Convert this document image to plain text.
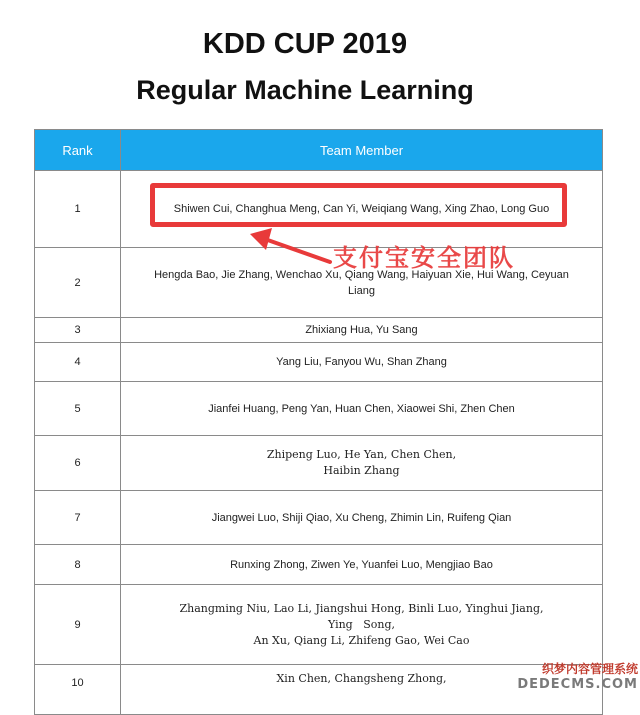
KDD CUP 2019
Regular Machine Learning
Rank	Team Member
1	Shiwen Cui, Changhua Meng, Can Yi, Weiqiang Wang, Xing Zhao, Long Guo

2	Hengda Bao, Jie Zhang, Wenchao Xu, Qiang Wang, Haiyuan Xie, Hui Wang, Ceyuan
Liang

3	Zhixiang Hua, Yu Sang

4	Yang Liu, Fanyou Wu, Shan Zhang

5	Jianfei Huang, Peng Yan, Huan Chen, Xiaowei Shi, Zhen Chen

6	Zhipeng Luo, He Yan, Chen Chen,
Haibin Zhang

7	Jiangwei Luo, Shiji Qiao, Xu Cheng, Zhimin Lin, Ruifeng Qian

8	Runxing Zhong, Ziwen Ye, Yuanfei Luo, Mengjiao Bao

9	Zhangming Niu, Lao Li, Jiangshui Hong, Binli Luo, Yinghui Jiang,
Ying   Song,
An Xu, Qiang Li, Zhifeng Gao, Wei Cao

10	Xin Chen, Changsheng Zhong,
支付宝安全团队
织梦内容管理系统
DEDECMS.COM
